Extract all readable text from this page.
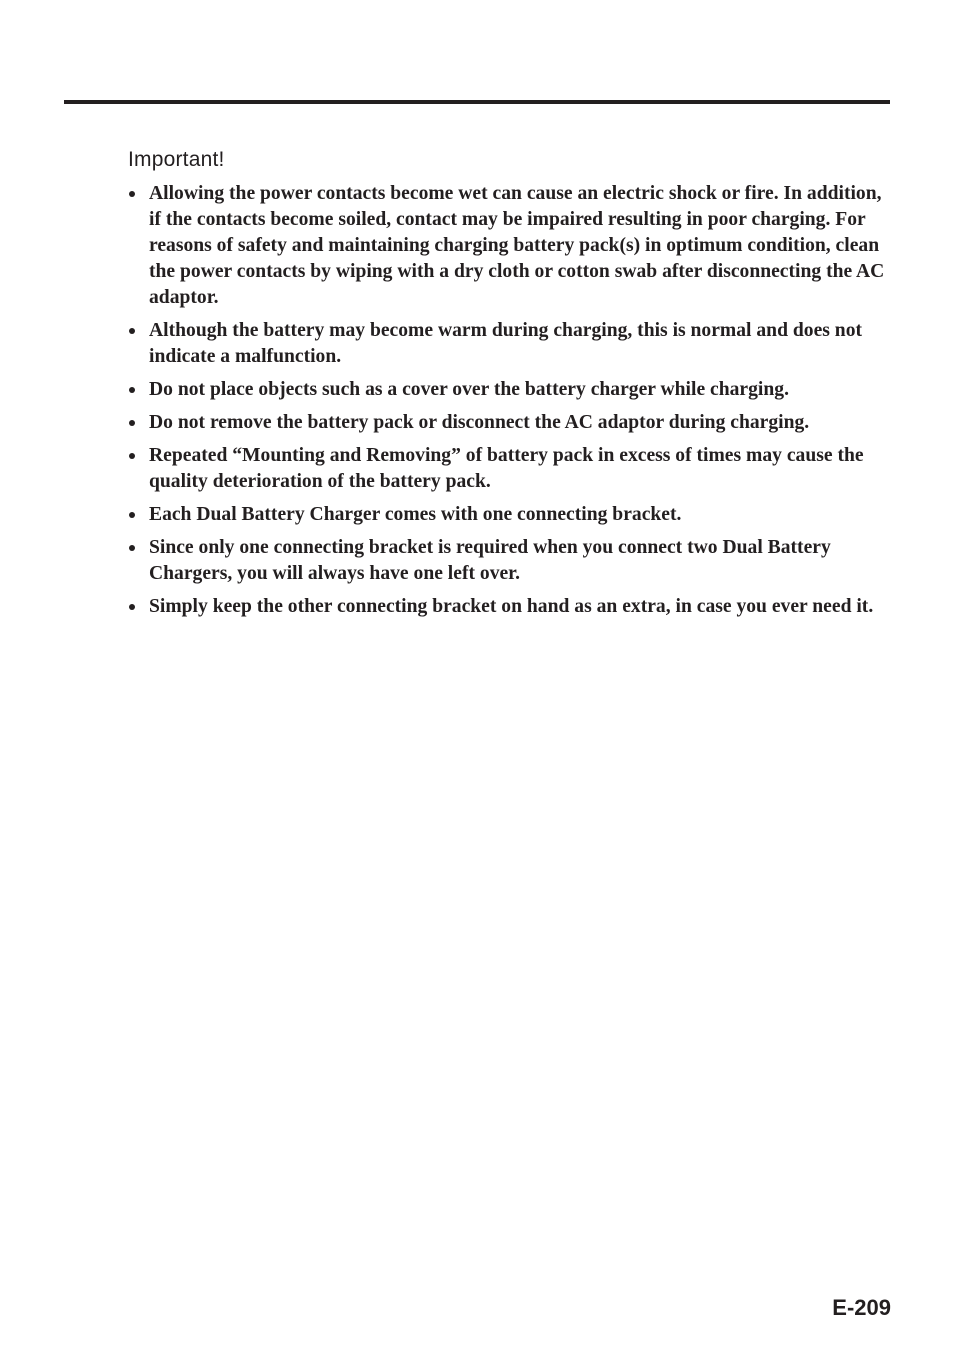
Important!
Allowing the power contacts become wet can cause an electric shock or fire. In addition, if the contacts become soiled, contact may be impaired resulting in poor charging. For reasons of safety and maintaining charging battery pack(s) in optimum condition, clean the power contacts by wiping with a dry cloth or cotton swab after disconnecting the AC adaptor.
Although the battery may become warm during charging, this is normal and does not indicate a malfunction.
Do not place objects such as a cover over the battery charger while charging.
Do not remove the battery pack or disconnect the AC adaptor during charging.
Repeated “Mounting and Removing” of battery pack in excess of times may cause the quality deterioration of the battery pack.
Each Dual Battery Charger comes with one connecting bracket.
Since only one connecting bracket is required when you connect two Dual Battery Chargers, you will always have one left over.
Simply keep the other connecting bracket on hand as an extra, in case you ever need it.
E-209
